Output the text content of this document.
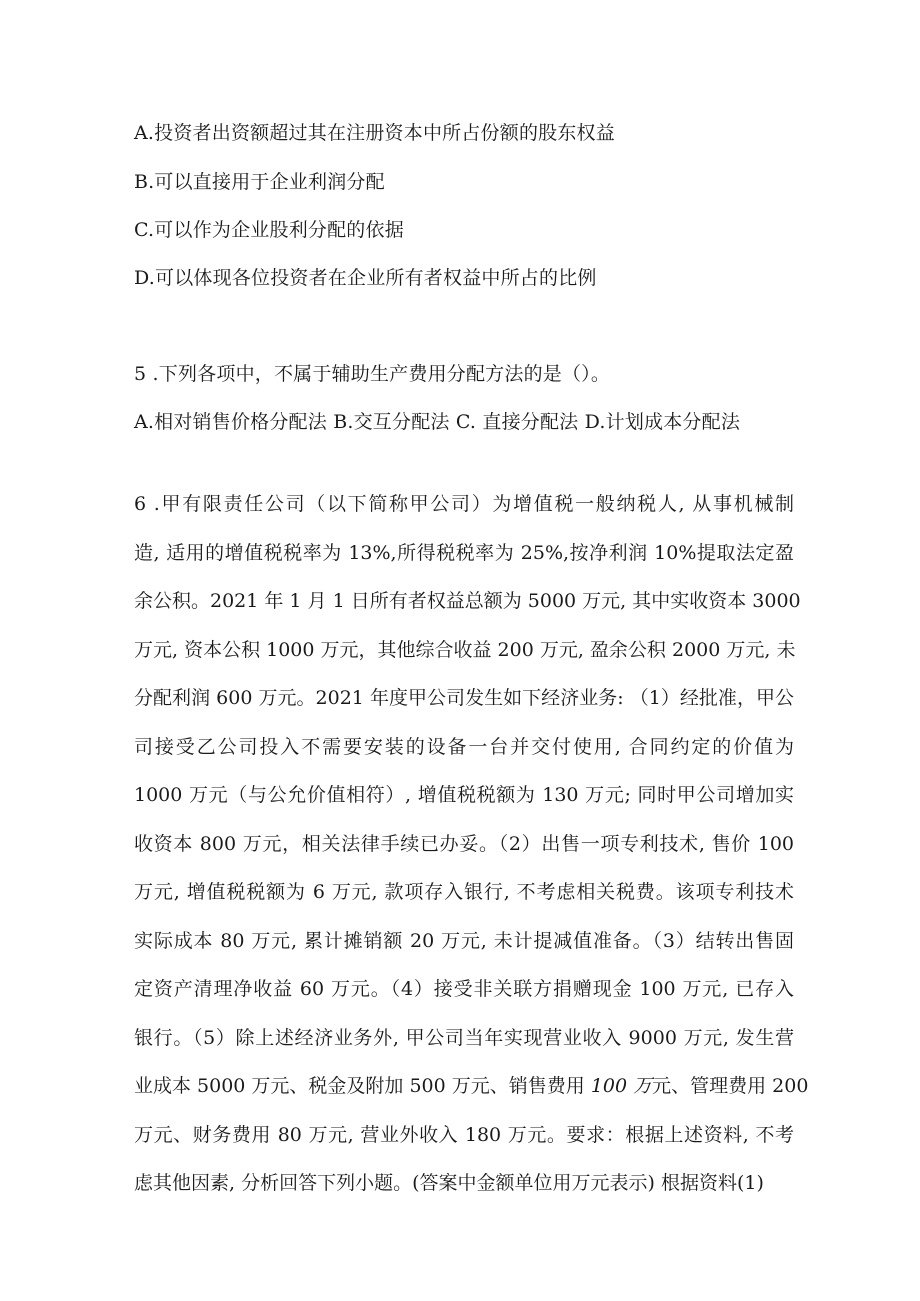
A.投资者出资额超过其在注册资本中所占份额的股东权益

B.可以直接用于企业利润分配

C.可以作为企业股利分配的依据

D.可以体现各位投资者在企业所有者权益中所占的比例

5 .下列各项中，不属于辅助生产费用分配方法的是（）。

A.相对销售价格分配法 B.交互分配法 C. 直接分配法 D.计划成本分配法

6 .甲有限责任公司（以下简称甲公司）为增值税一般纳税人, 从事机械制
造, 适用的增值税税率为 13%,所得税税率为 25%,按净利润 10%提取法定盈
余公积。2021 年 1 月 1 日所有者权益总额为 5000 万元, 其中实收资本 3000
万元, 资本公积 1000 万元，其他综合收益 200 万元, 盈余公积 2000 万元, 未
分配利润 600 万元。2021 年度甲公司发生如下经济业务: （1）经批准，甲公
司接受乙公司投入不需要安装的设备一台并交付使用, 合同约定的价值为
1000 万元（与公允价值相符）, 增值税税额为 130 万元; 同时甲公司增加实
收资本 800 万元，相关法律手续已办妥。（2）出售一项专利技术, 售价 100
万元, 增值税税额为 6 万元, 款项存入银行, 不考虑相关税费。该项专利技术
实际成本 80 万元, 累计摊销额 20 万元, 未计提减值准备。（3）结转出售固
定资产清理净收益 60 万元。（4）接受非关联方捐赠现金 100 万元, 已存入
银行。（5）除上述经济业务外, 甲公司当年实现营业收入 9000 万元, 发生营
业成本 5000 万元、税金及附加 500 万元、销售费用 100 万元、管理费用 200
万元、财务费用 80 万元, 营业外收入 180 万元。要求：根据上述资料, 不考
虑其他因素, 分析回答下列小题。(答案中金额单位用万元表示) 根据资料(1)
